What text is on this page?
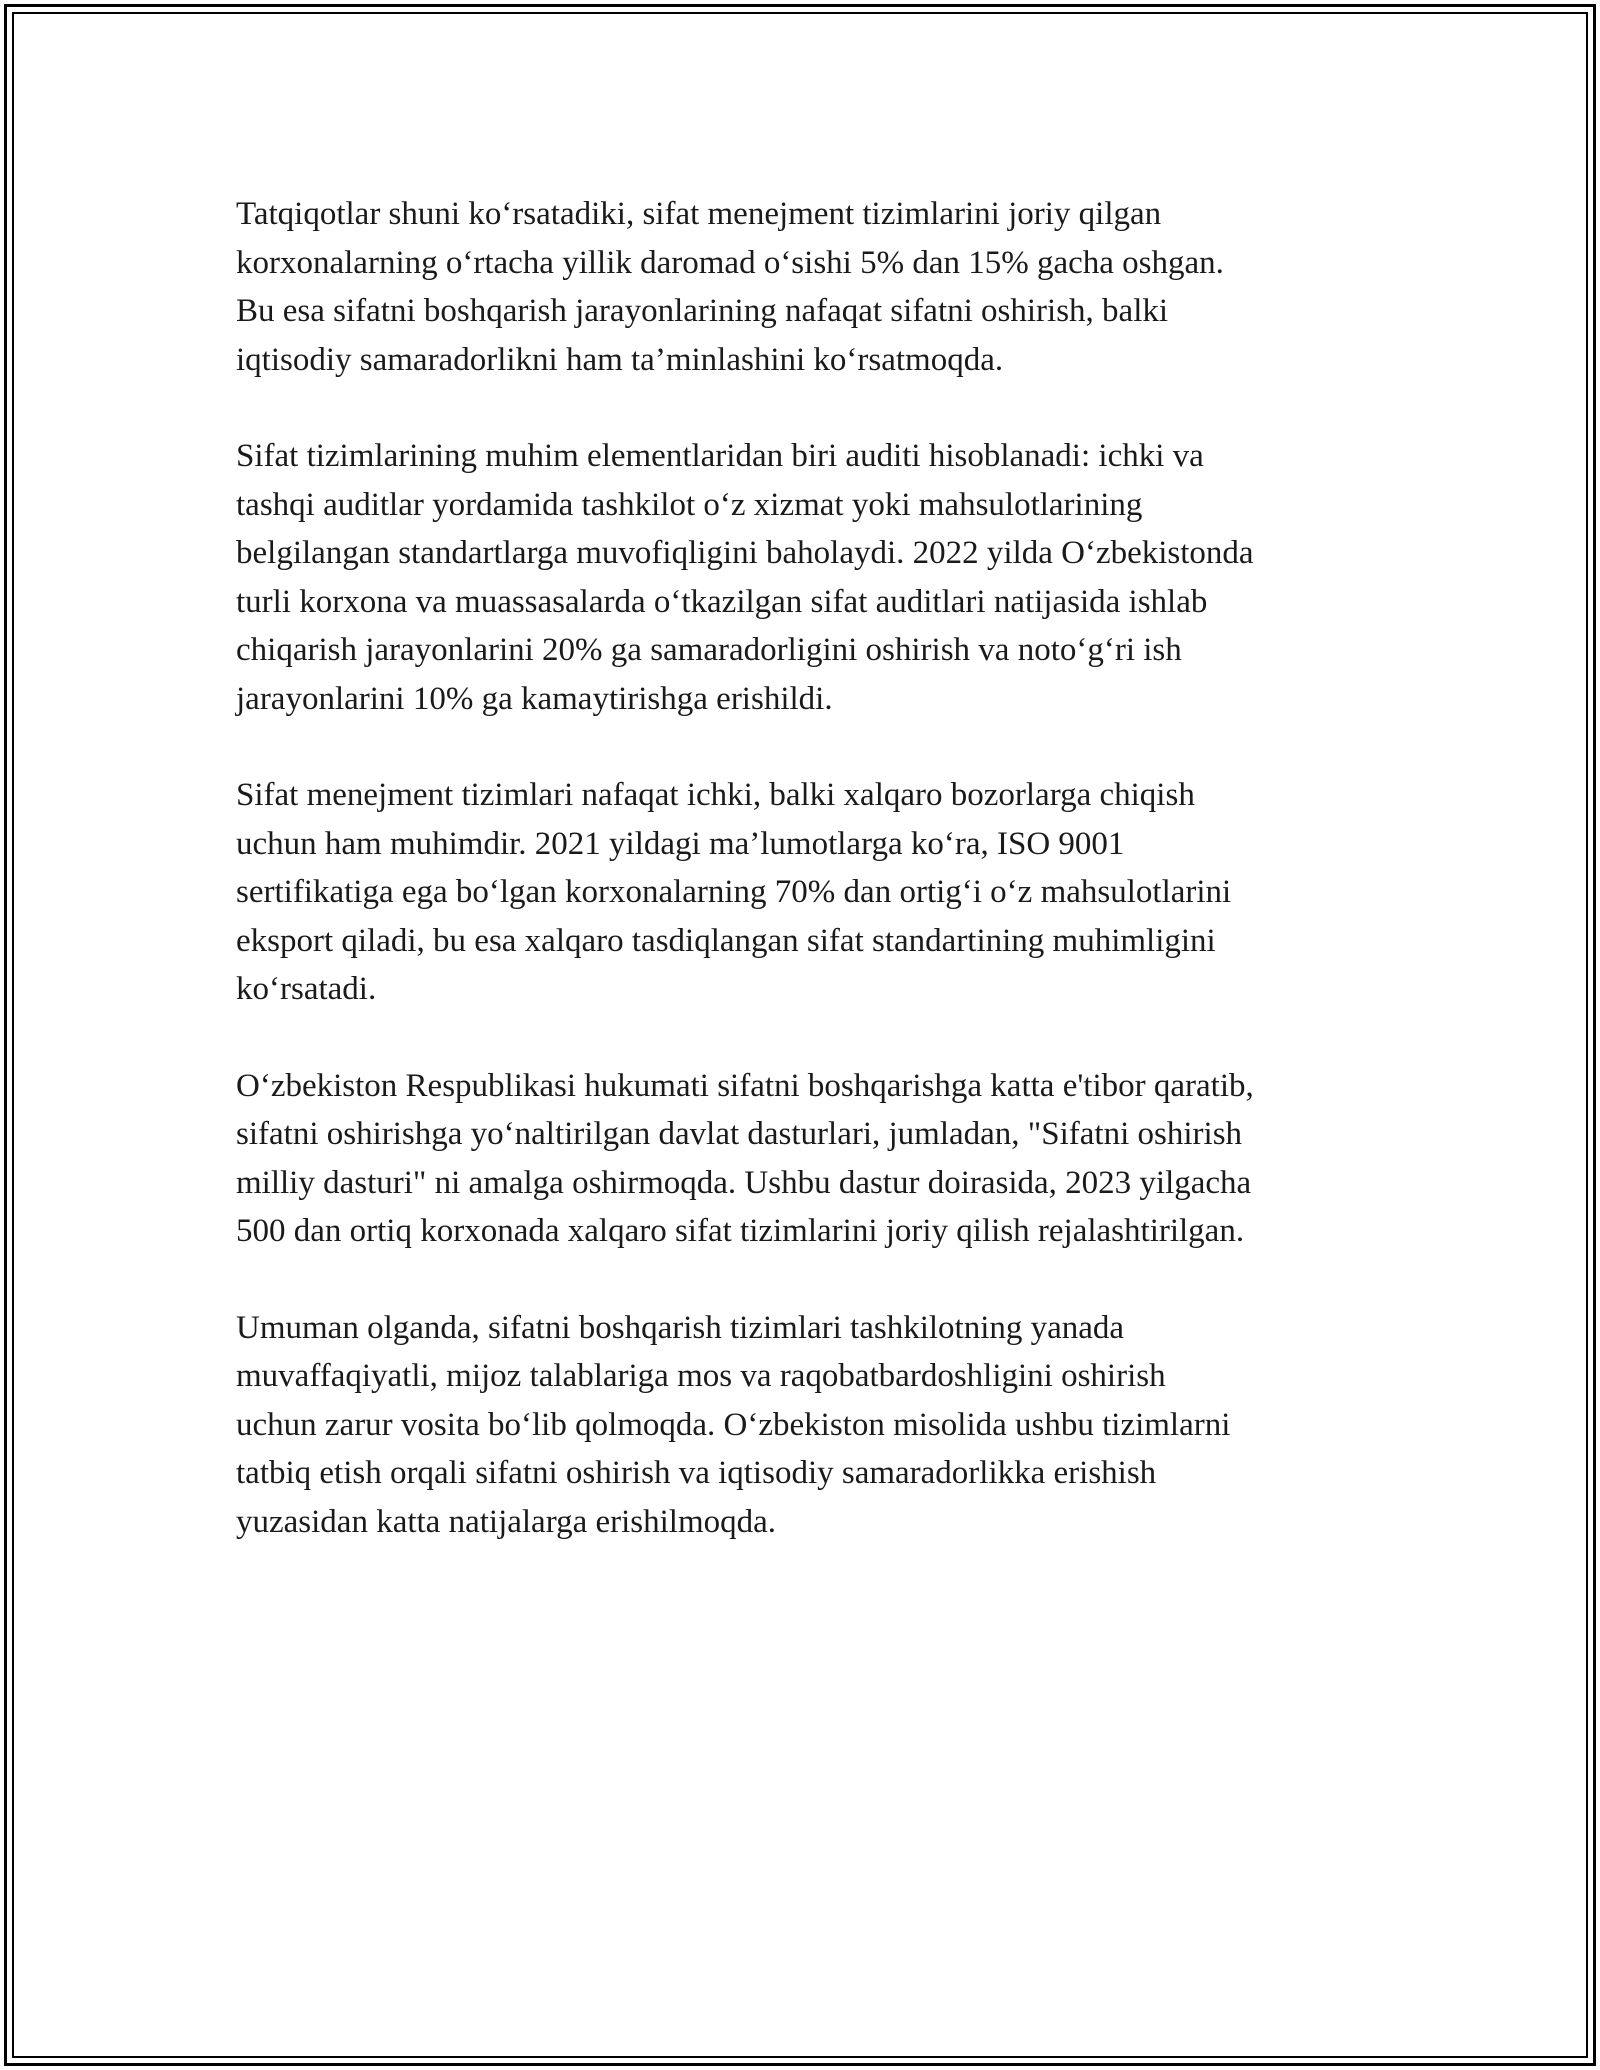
Tatqiqotlar shuni ko‘rsatadiki, sifat menejment tizimlarini joriy qilgan
korxonalarning o‘rtacha yillik daromad o‘sishi 5% dan 15% gacha oshgan.
Bu esa sifatni boshqarish jarayonlarining nafaqat sifatni oshirish, balki
iqtisodiy samaradorlikni ham ta’minlashini ko‘rsatmoqda.

Sifat tizimlarining muhim elementlaridan biri auditi hisoblanadi: ichki va
tashqi auditlar yordamida tashkilot o‘z xizmat yoki mahsulotlarining
belgilangan standartlarga muvofiqligini baholaydi. 2022 yilda O‘zbekistonda
turli korxona va muassasalarda o‘tkazilgan sifat auditlari natijasida ishlab
chiqarish jarayonlarini 20% ga samaradorligini oshirish va noto‘g‘ri ish
jarayonlarini 10% ga kamaytirishga erishildi.

Sifat menejment tizimlari nafaqat ichki, balki xalqaro bozorlarga chiqish
uchun ham muhimdir. 2021 yildagi ma’lumotlarga ko‘ra, ISO 9001
sertifikatiga ega bo‘lgan korxonalarning 70% dan ortig‘i o‘z mahsulotlarini
eksport qiladi, bu esa xalqaro tasdiqlangan sifat standartining muhimligini
ko‘rsatadi.

O‘zbekiston Respublikasi hukumati sifatni boshqarishga katta e'tibor qaratib,
sifatni oshirishga yo‘naltirilgan davlat dasturlari, jumladan, "Sifatni oshirish
milliy dasturi" ni amalga oshirmoqda. Ushbu dastur doirasida, 2023 yilgacha
500 dan ortiq korxonada xalqaro sifat tizimlarini joriy qilish rejalashtirilgan.

Umuman olganda, sifatni boshqarish tizimlari tashkilotning yanada
muvaffaqiyatli, mijoz talablariga mos va raqobatbardoshligini oshirish
uchun zarur vosita bo‘lib qolmoqda. O‘zbekiston misolida ushbu tizimlarni
tatbiq etish orqali sifatni oshirish va iqtisodiy samaradorlikka erishish
yuzasidan katta natijalarga erishilmoqda.
